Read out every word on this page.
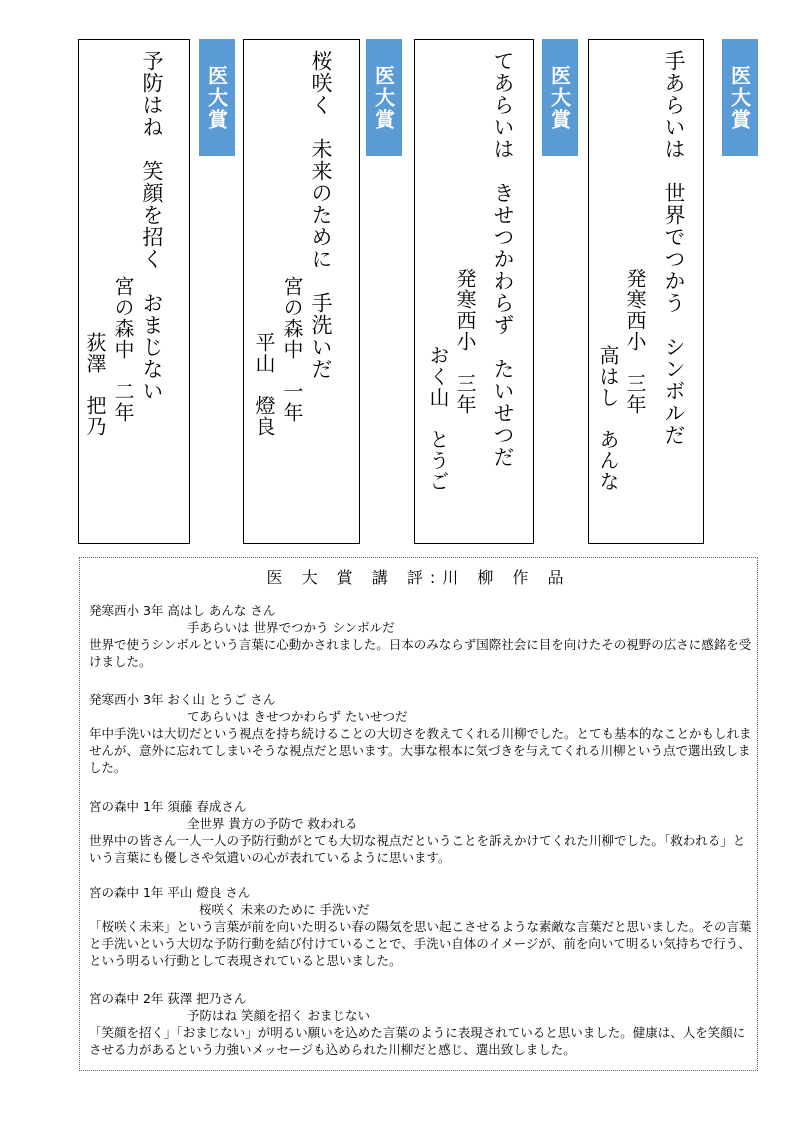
予防はね　笑顔を招く　おまじない
宮の森中　二年
荻澤　把乃
医大賞	桜咲く　未来のために　手洗いだ
宮の森中　一年
平山　燈良
医大賞	てあらいは　きせつかわらず　たいせつだ
発寒西小　三年
おく山　とうご
医大賞	手あらいは　世界でつかう　シンボルだ
発寒西小　三年
高はし　あんな
医大賞
医 大 賞 講 評:川 柳 作 品
発寒西小 3年 高はし あんな さん
手あらいは 世界でつかう シンボルだ
世界で使うシンボルという言葉に心動かされました。日本のみならず国際社会に目を向けたその視野の広さに感銘を受けました。
発寒西小 3年 おく山 とうご さん
てあらいは きせつかわらず たいせつだ
年中手洗いは大切だという視点を持ち続けることの大切さを教えてくれる川柳でした。とても基本的なことかもしれませんが、意外に忘れてしまいそうな視点だと思います。大事な根本に気づきを与えてくれる川柳という点で選出致しました。
宮の森中 1年 須藤 春成さん
全世界 貴方の予防で 救われる
世界中の皆さん一人一人の予防行動がとても大切な視点だということを訴えかけてくれた川柳でした。「救われる」という言葉にも優しさや気遣いの心が表れているように思います。
宮の森中 1年 平山 燈良 さん
桜咲く 未来のために 手洗いだ
「桜咲く未来」という言葉が前を向いた明るい春の陽気を思い起こさせるような素敵な言葉だと思いました。その言葉と手洗いという大切な予防行動を結び付けていることで、手洗い自体のイメージが、前を向いて明るい気持ちで行う、という明るい行動として表現されていると思いました。
宮の森中 2年 荻澤 把乃さん
予防はね 笑顔を招く おまじない
「笑顔を招く」「おまじない」が明るい願いを込めた言葉のように表現されていると思いました。健康は、人を笑顔にさせる力があるという力強いメッセージも込められた川柳だと感じ、選出致しました。
